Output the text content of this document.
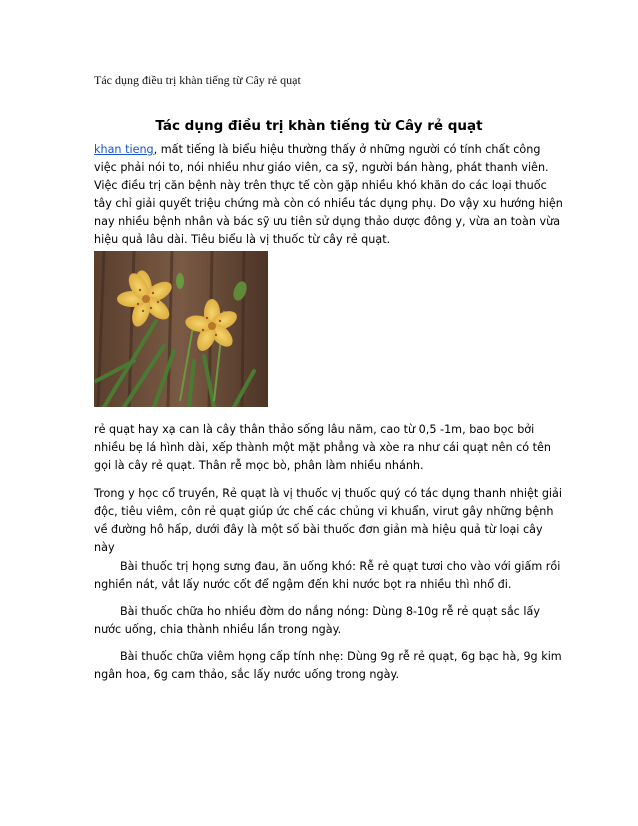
Tác dụng điều trị khàn tiếng từ Cây rẻ quạt
Tác dụng điều trị khàn tiếng từ Cây rẻ quạt

khan tieng, mất tiếng là biểu hiệu thường thấy ở những người có tính chất công việc phải nói to, nói nhiều như giáo viên, ca sỹ, người bán hàng, phát thanh viên. Việc điều trị căn bệnh này trên thực tế còn gặp nhiều khó khăn do các loại thuốc tây chỉ giải quyết triệu chứng mà còn có nhiều tác dụng phụ. Do vậy xu hướng hiện nay nhiều bệnh nhân và bác sỹ ưu tiên sử dụng thảo dược đông y, vừa an toàn vừa hiệu quả lâu dài. Tiêu biểu là vị thuốc từ cây rẻ quạt.

rẻ quạt hay xạ can là cây thân thảo sống lâu năm, cao từ 0,5 -1m, bao bọc bởi nhiều bẹ lá hình dài, xếp thành một mặt phẳng và xòe ra như cái quạt nên có tên gọi là cây rẻ quạt. Thân rễ mọc bò, phân làm nhiều nhánh.

Trong y học cổ truyền, Rẻ quạt là vị thuốc vị thuốc quý có tác dụng thanh nhiệt giải độc, tiêu viêm, côn rẻ quạt giúp ức chế các chủng vi khuẩn, virut gây những bệnh về đường hô hấp, dưới đây là một số bài thuốc đơn giản mà hiệu quả từ loại cây này

Bài thuốc trị họng sưng đau, ăn uống khó: Rễ rẻ quạt tươi cho vào với giấm rồi nghiền nát, vắt lấy nước cốt để ngậm đến khi nước bọt ra nhiều thì nhổ đi.

Bài thuốc chữa ho nhiều đờm do nắng nóng: Dùng 8-10g rễ rẻ quạt sắc lấy nước uống, chia thành nhiều lần trong ngày.

Bài thuốc chữa viêm họng cấp tính nhẹ: Dùng 9g rễ rẻ quạt, 6g bạc hà, 9g kim ngân hoa, 6g cam thảo, sắc lấy nước uống trong ngày.
